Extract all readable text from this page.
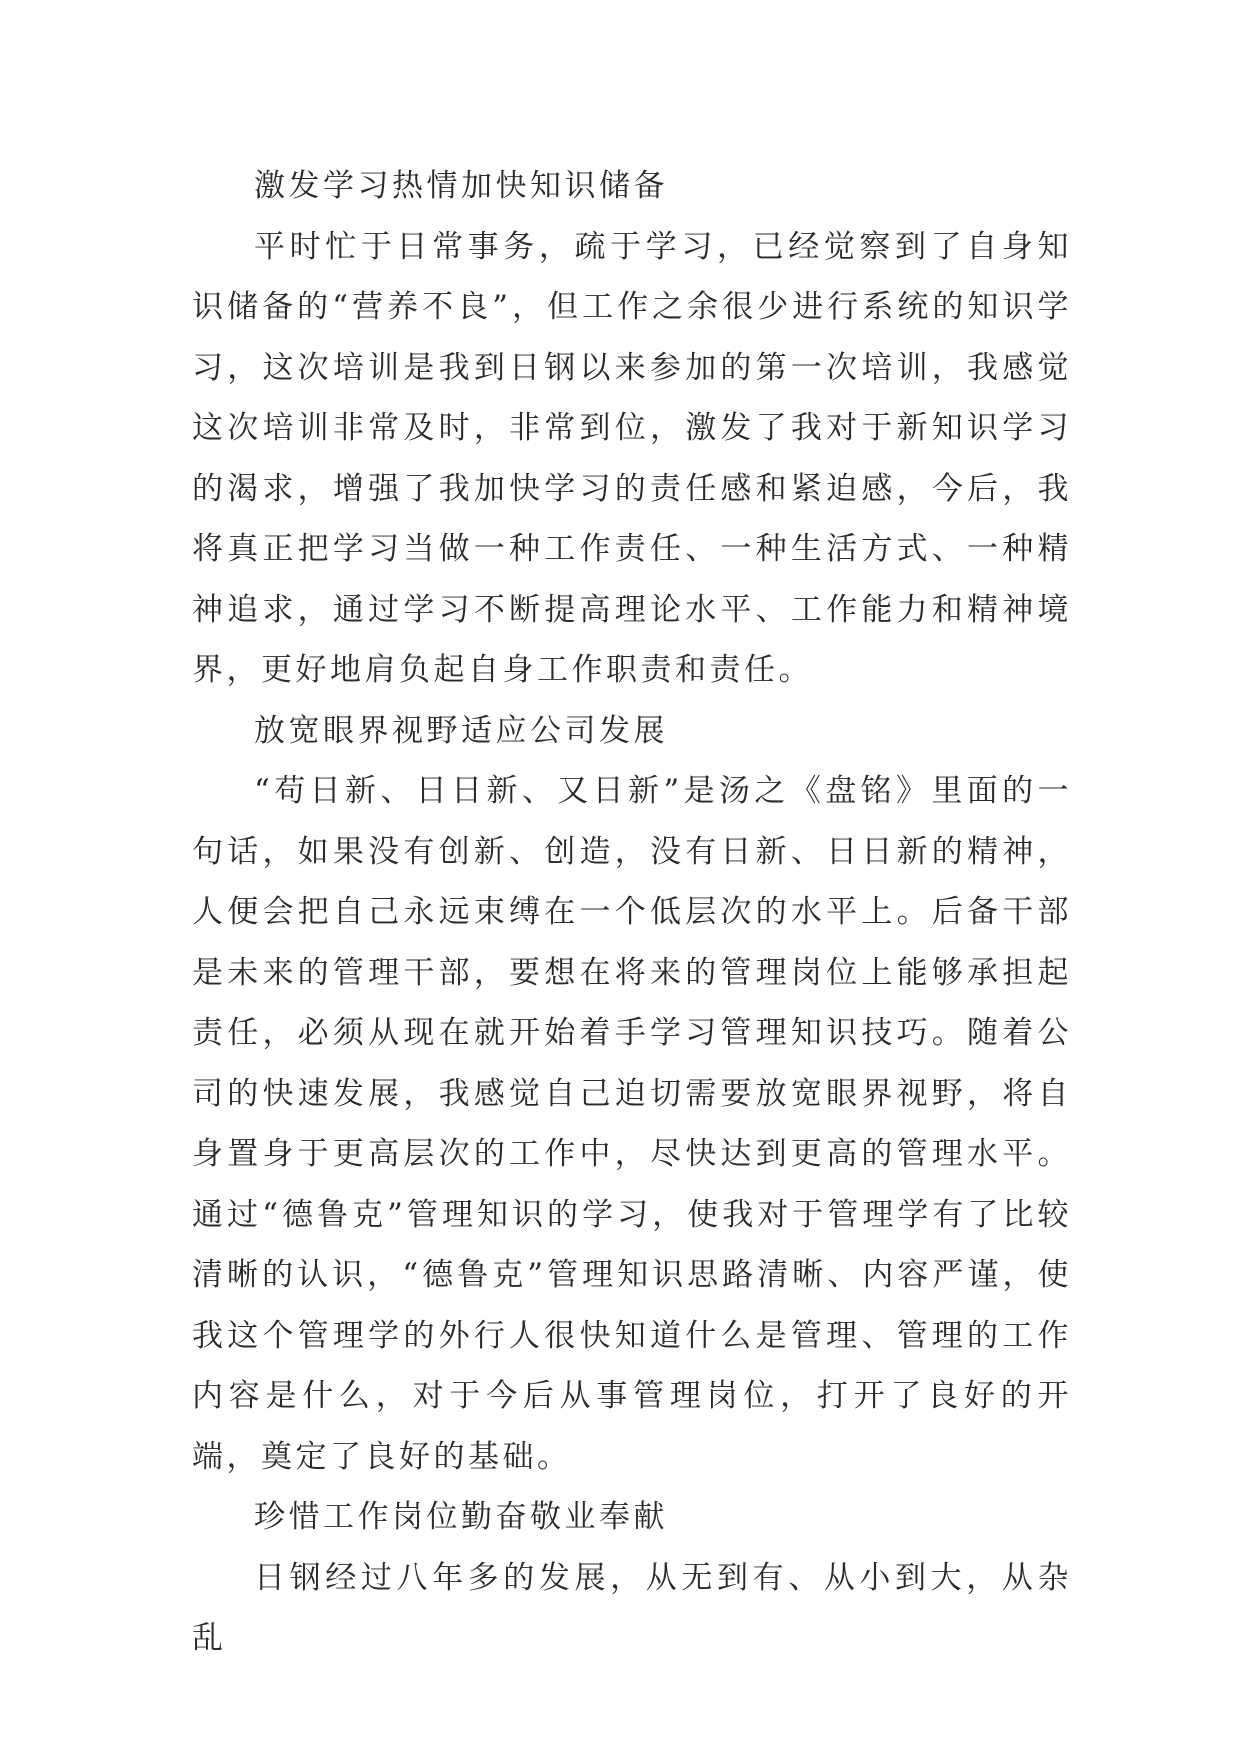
激发学习热情加快知识储备

平时忙于日常事务，疏于学习，已经觉察到了自身知识储备的“营养不良”，但工作之余很少进行系统的知识学习，这次培训是我到日钢以来参加的第一次培训，我感觉这次培训非常及时，非常到位，激发了我对于新知识学习的渴求，增强了我加快学习的责任感和紧迫感，今后，我将真正把学习当做一种工作责任、一种生活方式、一种精神追求，通过学习不断提高理论水平、工作能力和精神境界，更好地肩负起自身工作职责和责任。

放宽眼界视野适应公司发展

“苟日新、日日新、又日新”是汤之《盘铭》里面的一句话，如果没有创新、创造，没有日新、日日新的精神，人便会把自己永远束缚在一个低层次的水平上。后备干部是未来的管理干部，要想在将来的管理岗位上能够承担起责任，必须从现在就开始着手学习管理知识技巧。随着公司的快速发展，我感觉自己迫切需要放宽眼界视野，将自身置身于更高层次的工作中，尽快达到更高的管理水平。通过“德鲁克”管理知识的学习，使我对于管理学有了比较清晰的认识，“德鲁克”管理知识思路清晰、内容严谨，使我这个管理学的外行人很快知道什么是管理、管理的工作内容是什么，对于今后从事管理岗位，打开了良好的开端，奠定了良好的基础。

珍惜工作岗位勤奋敬业奉献

日钢经过八年多的发展，从无到有、从小到大，从杂乱
